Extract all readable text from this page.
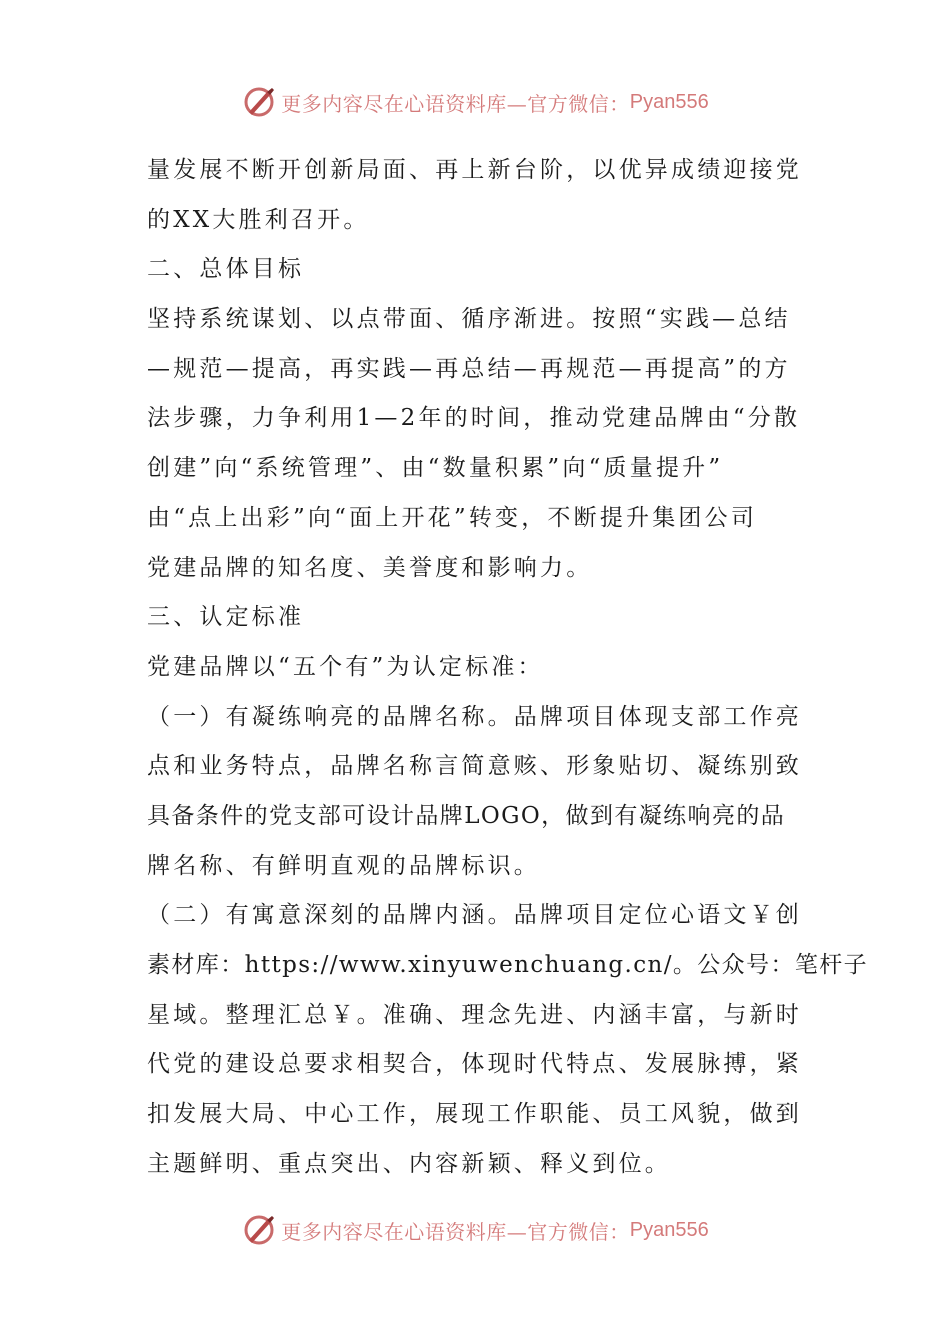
更多内容尽在心语资料库—官方微信： Pyan556
量发展不断开创新局面、再上新台阶，以优异成绩迎接党
的XX大胜利召开。
二、总体目标
坚持系统谋划、以点带面、循序渐进。按照“实践—总结
—规范—提高，再实践—再总结—再规范—再提高”的方
法步骤，力争利用1—2年的时间，推动党建品牌由“分散
创建”向“系统管理”、由“数量积累”向“质量提升”
由“点上出彩”向“面上开花”转变，不断提升集团公司
党建品牌的知名度、美誉度和影响力。
三、认定标准
党建品牌以“五个有”为认定标准：
（一）有凝练响亮的品牌名称。品牌项目体现支部工作亮
点和业务特点，品牌名称言简意赅、形象贴切、凝练别致
具备条件的党支部可设计品牌LOGO，做到有凝练响亮的品
牌名称、有鲜明直观的品牌标识。
（二）有寓意深刻的品牌内涵。品牌项目定位心语文￥创
素材库：https://www.xinyuwenchuang.cn/。公众号：笔杆子
星域。整理汇总￥。准确、理念先进、内涵丰富，与新时
代党的建设总要求相契合，体现时代特点、发展脉搏，紧
扣发展大局、中心工作，展现工作职能、员工风貌，做到
主题鲜明、重点突出、内容新颖、释义到位。
更多内容尽在心语资料库—官方微信： Pyan556
